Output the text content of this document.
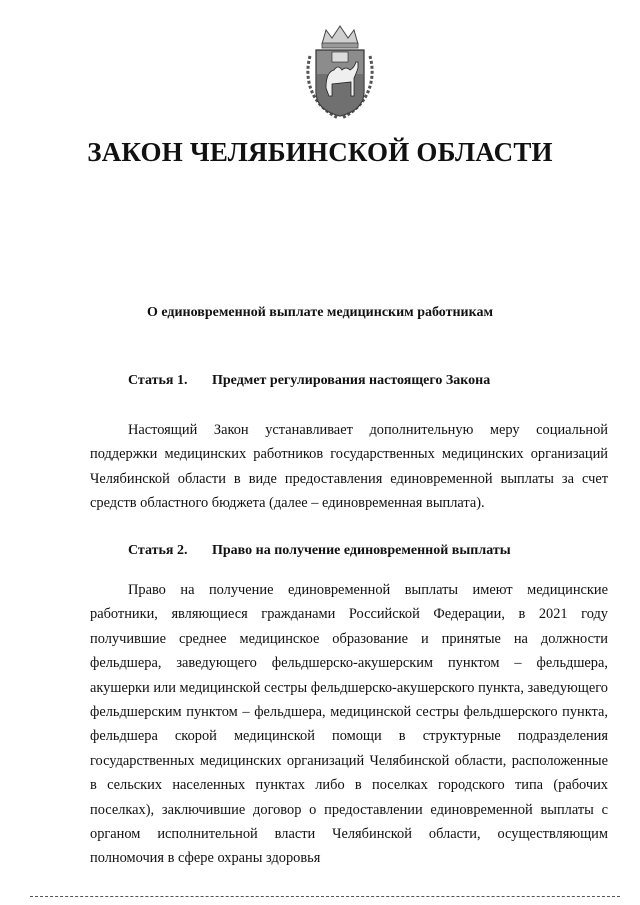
ЗАКОН ЧЕЛЯБИНСКОЙ ОБЛАСТИ
О единовременной выплате медицинским работникам
Статья 1. Предмет регулирования настоящего Закона

Настоящий Закон устанавливает дополнительную меру социальной поддержки медицинских работников государственных медицинских организаций Челябинской области в виде предоставления единовременной выплаты за счет средств областного бюджета (далее – единовременная выплата).

Статья 2. Право на получение единовременной выплаты

Право на получение единовременной выплаты имеют медицинские работники, являющиеся гражданами Российской Федерации, в 2021 году получившие среднее медицинское образование и принятые на должности фельдшера, заведующего фельдшерско-акушерским пунктом – фельдшера, акушерки или медицинской сестры фельдшерско-акушерского пункта, заведующего фельдшерским пунктом – фельдшера, медицинской сестры фельдшерского пункта, фельдшера скорой медицинской помощи в структурные подразделения государственных медицинских организаций Челябинской области, расположенные в сельских населенных пунктах либо в поселках городского типа (рабочих поселках), заключившие договор о предоставлении единовременной выплаты с органом исполнительной власти Челябинской области, осуществляющим полномочия в сфере охраны здоровья
